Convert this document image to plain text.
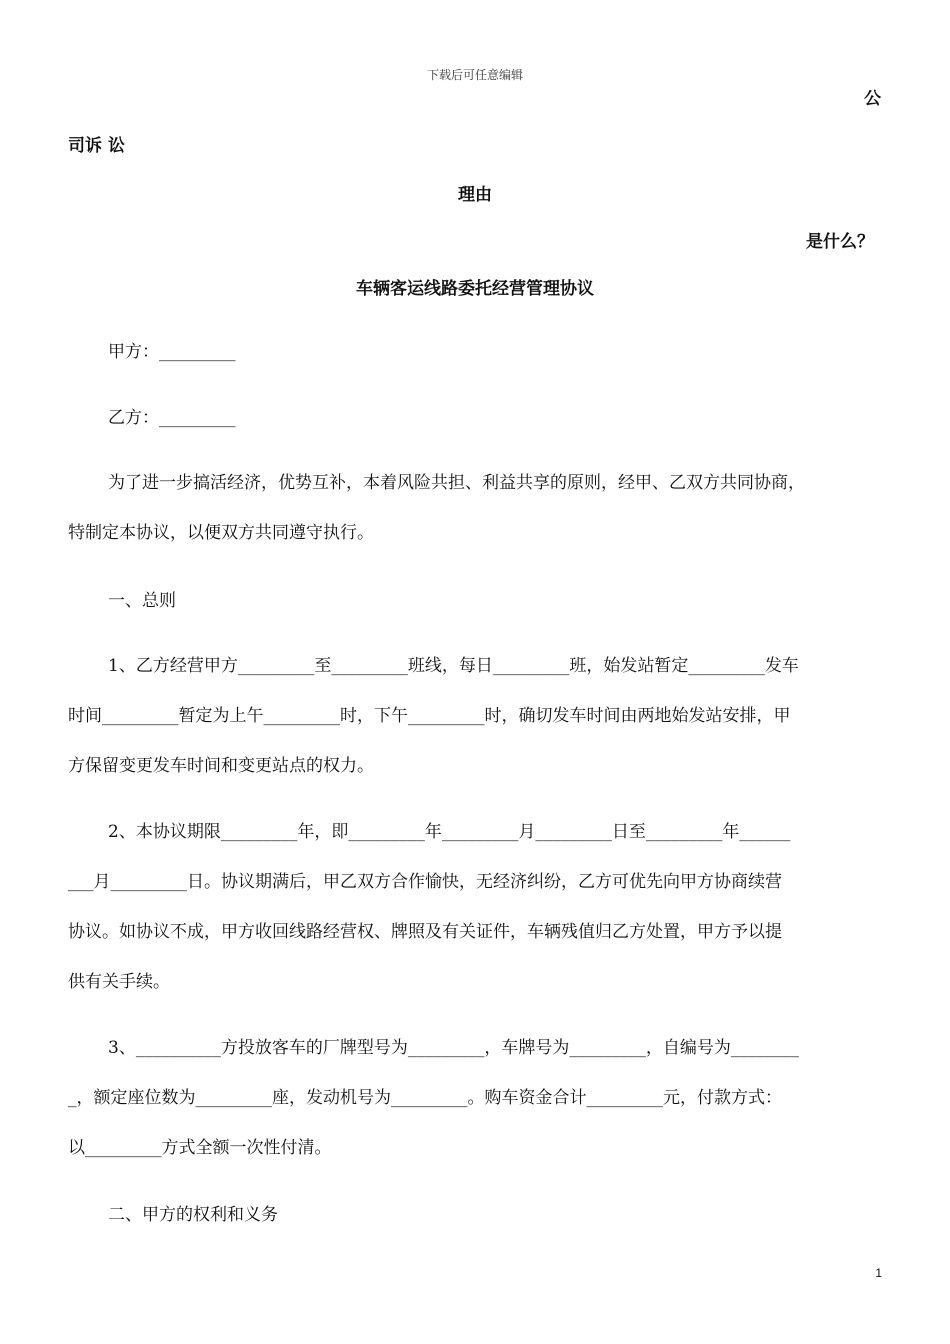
下载后可任意编辑
公
司诉 讼
理由
是什么？
车辆客运线路委托经营管理协议
甲方：_________
乙方：_________
为了进一步搞活经济，优势互补，本着风险共担、利益共享的原则，经甲、乙双方共同协商，
特制定本协议，以便双方共同遵守执行。
一、总则
1、乙方经营甲方_________至_________班线，每日_________班，始发站暂定_________发车
时间_________暂定为上午_________时，下午_________时，确切发车时间由两地始发站安排，甲
方保留变更发车时间和变更站点的权力。
2、本协议期限_________年，即_________年_________月_________日至_________年______
___月_________日。协议期满后，甲乙双方合作愉快，无经济纠纷，乙方可优先向甲方协商续营
协议。如协议不成，甲方收回线路经营权、牌照及有关证件，车辆残值归乙方处置，甲方予以提
供有关手续。
3、__________方投放客车的厂牌型号为_________，车牌号为_________，自编号为________
_，额定座位数为_________座，发动机号为_________。购车资金合计_________元，付款方式：
以_________方式全额一次性付清。
二、甲方的权利和义务
1
